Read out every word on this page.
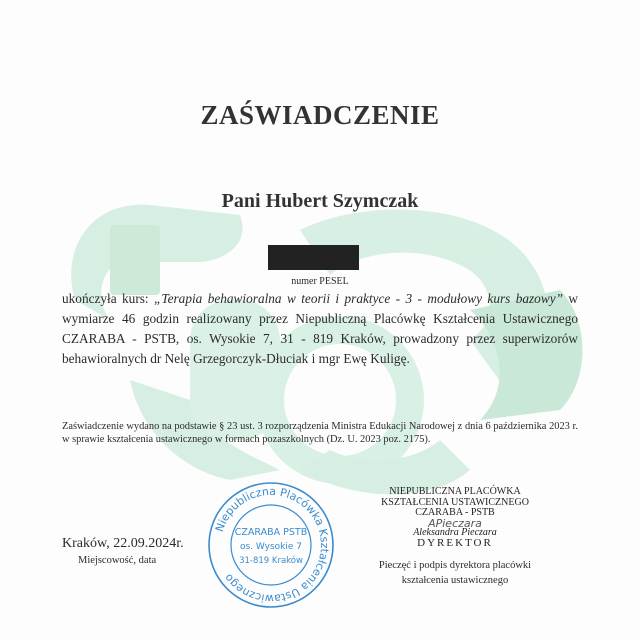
ZAŚWIADCZENIE
Pani Hubert Szymczak
numer PESEL
ukończyła kurs: „Terapia behawioralna w teorii i praktyce - 3 - modułowy kurs bazowy” w wymiarze 46 godzin realizowany przez Niepubliczną Placówkę Kształcenia Ustawicznego CZARABA - PSTB, os. Wysokie 7, 31 - 819 Kraków, prowadzony przez superwizorów behawioralnych dr Nelę Grzegorczyk-Dłuciak i mgr Ewę Kuligę.
Zaświadczenie wydano na podstawie § 23 ust. 3 rozporządzenia Ministra Edukacji Narodowej z dnia 6 października 2023 r. w sprawie kształcenia ustawicznego w formach pozaszkolnych (Dz. U. 2023 poz. 2175).
Kraków, 22.09.2024r.
Miejscowość, data
Niepubliczna Placówka Kształcenia Ustawicznego
CZARABA PSTB
os. Wysokie 7
31-819 Kraków
NIEPUBLICZNA PLACÓWKA
KSZTAŁCENIA USTAWICZNEGO
CZARABA - PSTB
APieczara
Aleksandra Pieczara
DYREKTOR
Pieczęć i podpis dyrektora placówki
kształcenia ustawicznego
